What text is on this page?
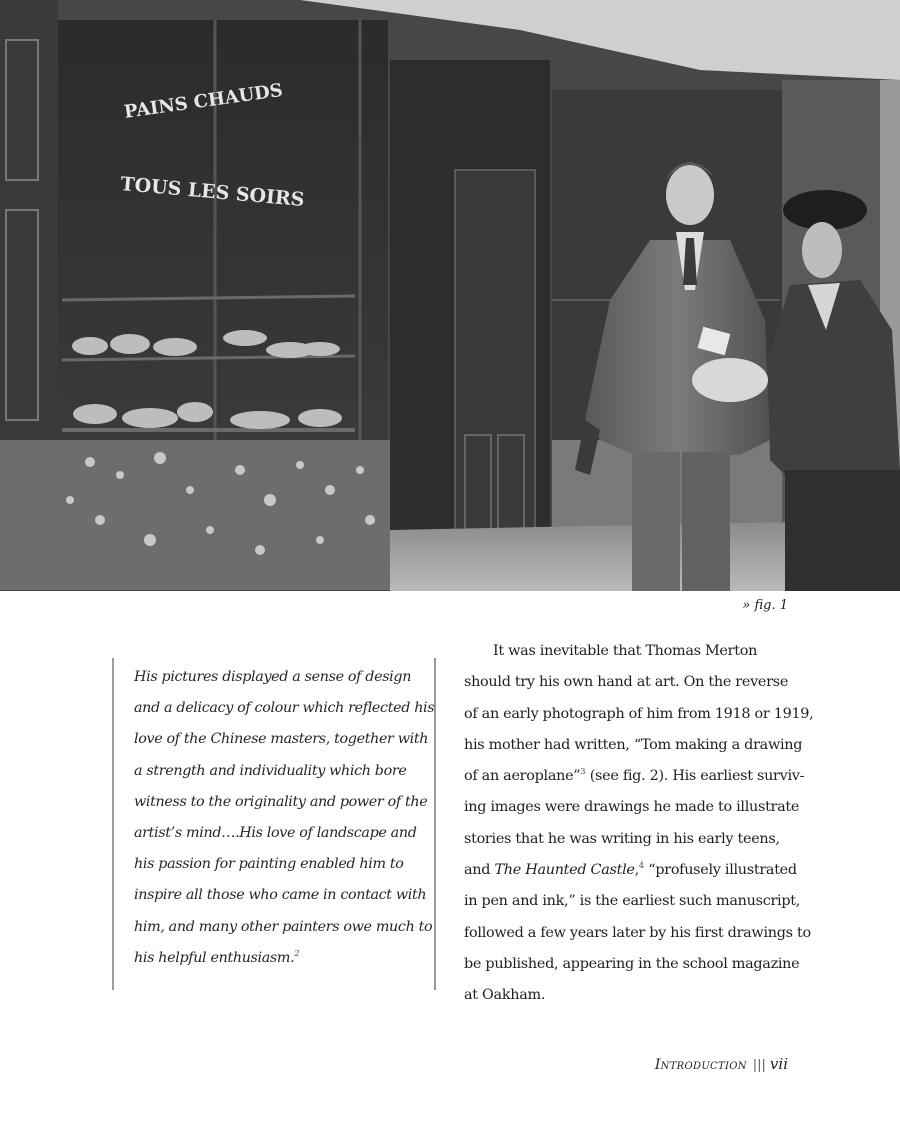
PAINS CHAUDS
TOUS LES SOIRS
» fig. 1

His pictures displayed a sense of design
and a delicacy of colour which reflected his
love of the Chinese masters, together with
a strength and individuality which bore
witness to the originality and power of the
artist’s mind….His love of landscape and
his passion for painting enabled him to
inspire all those who came in contact with
him, and many other painters owe much to
his helpful enthusiasm.$^2$

It was inevitable that Thomas Merton
should try his own hand at art. On the reverse
of an early photograph of him from 1918 or 1919,
his mother had written, “Tom making a drawing
of an aeroplane”$^3$ (see fig. 2). His earliest surviv-
ing images were drawings he made to illustrate
stories that he was writing in his early teens,
and The Haunted Castle,$^4$ “profusely illustrated
in pen and ink,” is the earliest such manuscript,
followed a few years later by his first drawings to
be published, appearing in the school magazine
at Oakham.

Introduction ||| vii
